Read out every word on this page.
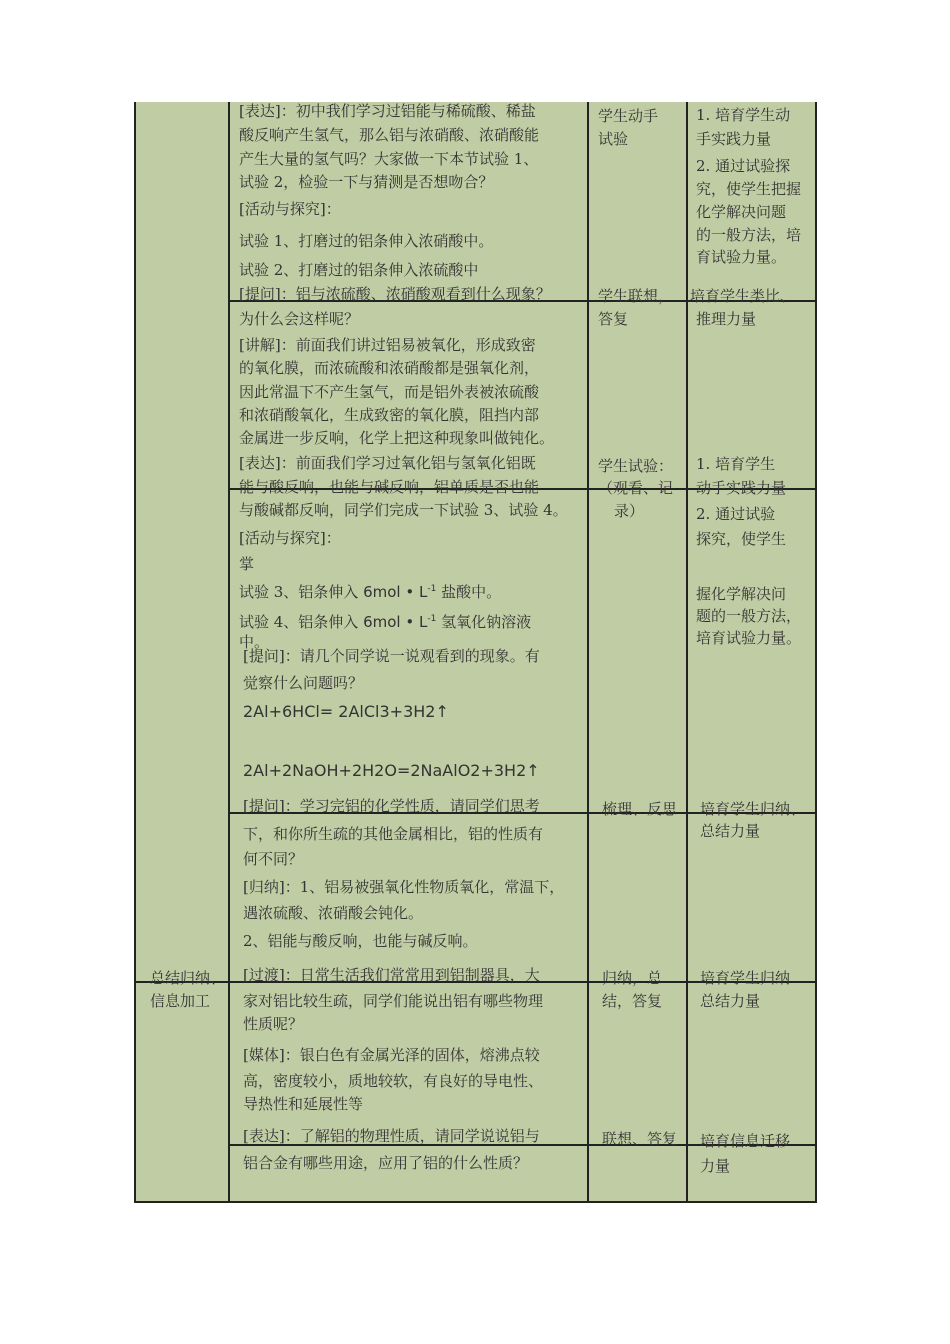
总结归纳、
信息加工
[表达]：初中我们学习过铝能与稀硫酸、稀盐
酸反响产生氢气，那么铝与浓硝酸、浓硝酸能
产生大量的氢气吗？大家做一下本节试验 1、
试验 2，检验一下与猜测是否想吻合？
[活动与探究]：
试验 1、打磨过的铝条伸入浓硝酸中。
试验 2、打磨过的铝条伸入浓硫酸中
[提问]：铝与浓硫酸、浓硝酸观看到什么现象？
为什么会这样呢？
[讲解]：前面我们讲过铝易被氧化，形成致密
的氧化膜，而浓硫酸和浓硝酸都是强氧化剂，
因此常温下不产生氢气，而是铝外表被浓硫酸
和浓硝酸氧化，生成致密的氧化膜，阻挡内部
金属进一步反响，化学上把这种现象叫做钝化。
[表达]：前面我们学习过氧化铝与氢氧化铝既
能与酸反响，也能与碱反响，铝单质是否也能
与酸碱都反响，同学们完成一下试验 3、试验 4。
[活动与探究]：
掌
试验 3、铝条伸入 6mol • $L^{-1}$ 盐酸中。
试验 4、铝条伸入 6mol • $L^{-1}$ 氢氧化钠溶液
中。
[提问]：请几个同学说一说观看到的现象。有
觉察什么问题吗？
2Al+6HCl= 2AlCl3+3H2↑
2Al+2NaOH+2H2O=2NaAlO2+3H2↑
[提问]：学习完铝的化学性质，请同学们思考
下，和你所生疏的其他金属相比，铝的性质有
何不同？
[归纳]：1、铝易被强氧化性物质氧化，常温下，
遇浓硫酸、浓硝酸会钝化。
2、铝能与酸反响，也能与碱反响。
[过渡]：日常生活我们常常用到铝制器具，大
家对铝比较生疏，同学们能说出铝有哪些物理
性质呢？
[媒体]：银白色有金属光泽的固体，熔沸点较
高，密度较小，质地较软，有良好的导电性、
导热性和延展性等
[表达]：了解铝的物理性质，请同学说说铝与
铝合金有哪些用途，应用了铝的什么性质？
学生动手
试验
学生联想，
答复
学生试验：
（观看、记
录）
梳理、反思
归纳，总
结，答复
联想、答复
1. 培育学生动
手实践力量
2. 通过试验探
究，使学生把握
化学解决问题
的一般方法，培
育试验力量。
培育学生类比、
推理力量
1. 培育学生
动手实践力量
2. 通过试验
探究，使学生
握化学解决问
题的一般方法，
培育试验力量。
培育学生归纳、
总结力量
培育学生归纳
总结力量
培育信息迁移
力量
